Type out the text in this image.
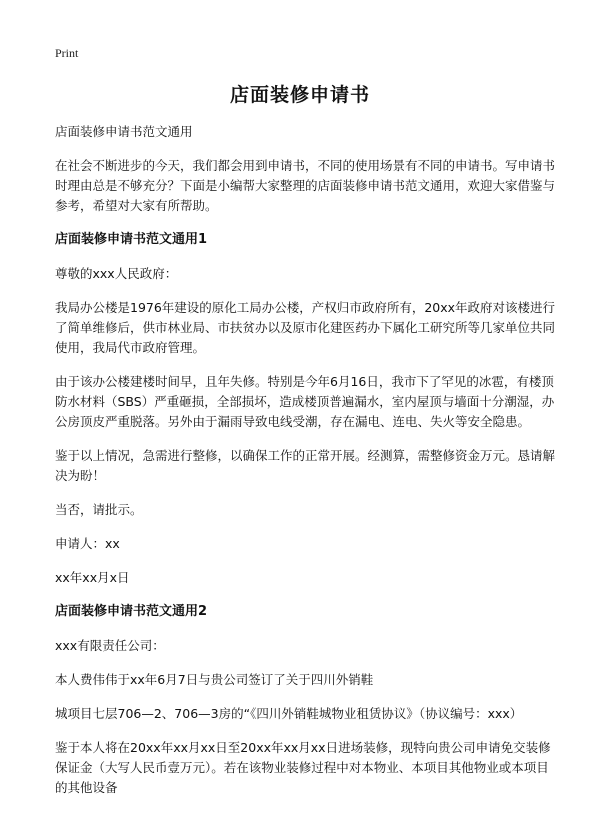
Print
店面装修申请书

店面装修申请书范文通用

在社会不断进步的今天，我们都会用到申请书，不同的使用场景有不同的申请书。写申请书时理由总是不够充分？下面是小编帮大家整理的店面装修申请书范文通用，欢迎大家借鉴与参考，希望对大家有所帮助。

店面装修申请书范文通用1

尊敬的xxx人民政府：

我局办公楼是1976年建设的原化工局办公楼，产权归市政府所有，20xx年政府对该楼进行了简单维修后，供市林业局、市扶贫办以及原市化建医药办下属化工研究所等几家单位共同使用，我局代市政府管理。

由于该办公楼建楼时间早，且年失修。特别是今年6月16日，我市下了罕见的冰雹，有楼顶防水材料（SBS）严重砸损，全部损坏，造成楼顶普遍漏水，室内屋顶与墙面十分潮湿，办公房顶皮严重脱落。另外由于漏雨导致电线受潮，存在漏电、连电、失火等安全隐患。

鉴于以上情况，急需进行整修，以确保工作的正常开展。经测算，需整修资金万元。恳请解决为盼！

当否，请批示。

申请人：xx

xx年xx月x日

店面装修申请书范文通用2

xxx有限责任公司：

本人费伟伟于xx年6月7日与贵公司签订了关于四川外销鞋

城项目七层706—2、706—3房的“《四川外销鞋城物业租赁协议》（协议编号：xxx）

鉴于本人将在20xx年xx月xx日至20xx年xx月xx日进场装修，现特向贵公司申请免交装修保证金（大写人民币壹万元）。若在该物业装修过程中对本物业、本项目其他物业或本项目的其他设备
